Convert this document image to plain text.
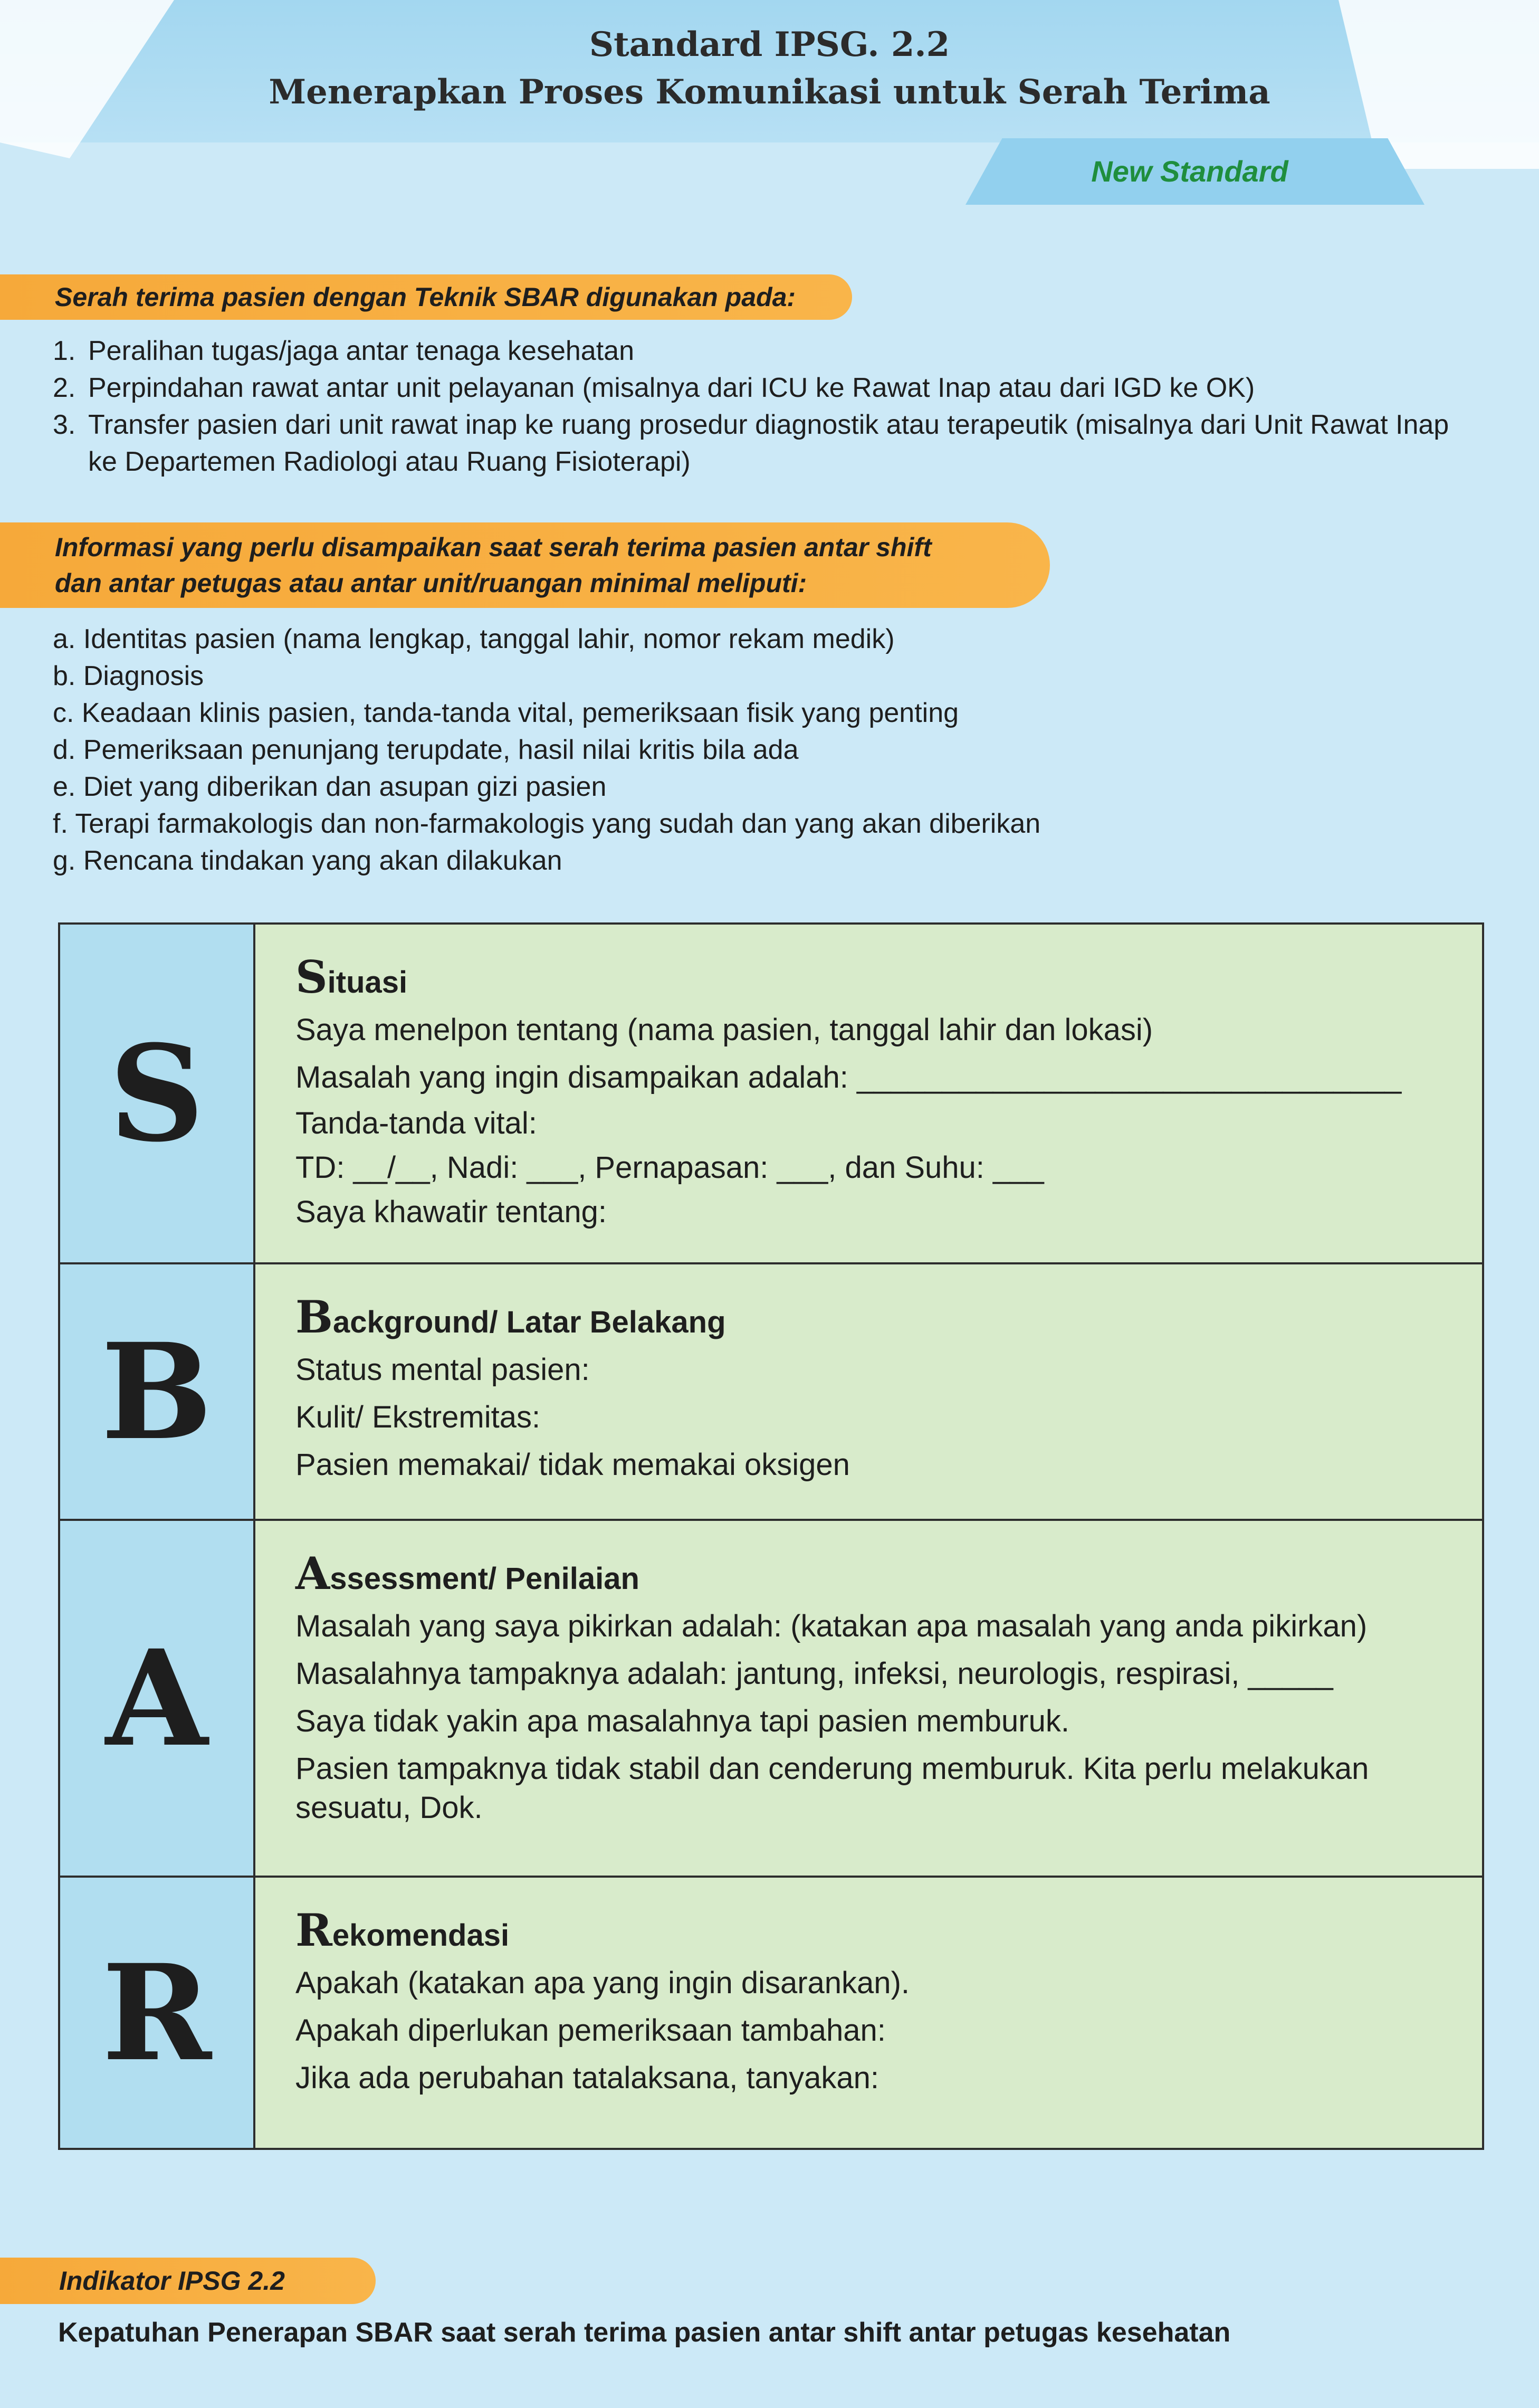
Standard IPSG. 2.2
Menerapkan Proses Komunikasi untuk Serah Terima
New Standard
Serah terima pasien dengan Teknik SBAR digunakan pada:
1. Peralihan tugas/jaga antar tenaga kesehatan
2. Perpindahan rawat antar unit pelayanan (misalnya dari ICU ke Rawat Inap atau dari IGD ke OK)
3. Transfer pasien dari unit rawat inap ke ruang prosedur diagnostik atau terapeutik (misalnya dari Unit Rawat Inap ke Departemen Radiologi atau Ruang Fisioterapi)
Informasi yang perlu disampaikan saat serah terima pasien antar shift
dan antar petugas atau antar unit/ruangan minimal meliputi:
a. Identitas pasien (nama lengkap, tanggal lahir, nomor rekam medik)
b. Diagnosis
c. Keadaan klinis pasien, tanda-tanda vital, pemeriksaan fisik yang penting
d. Pemeriksaan penunjang terupdate, hasil nilai kritis bila ada
e. Diet yang diberikan dan asupan gizi pasien
f. Terapi farmakologis dan non-farmakologis yang sudah dan yang akan diberikan
g. Rencana tindakan yang akan dilakukan
S
Situasi
Saya menelpon tentang (nama pasien, tanggal lahir dan lokasi)
Masalah yang ingin disampaikan adalah: ________________________________
Tanda-tanda vital:
TD: __/__, Nadi: ___, Pernapasan: ___, dan Suhu: ___
Saya khawatir tentang:
B	Background/ Latar Belakang
Status mental pasien:
Kulit/ Ekstremitas:
Pasien memakai/ tidak memakai oksigen
A
Assessment/ Penilaian
Masalah yang saya pikirkan adalah: (katakan apa masalah yang anda pikirkan)
Masalahnya tampaknya adalah: jantung, infeksi, neurologis, respirasi, _____
Saya tidak yakin apa masalahnya tapi pasien memburuk.
Pasien tampaknya tidak stabil dan cenderung memburuk. Kita perlu melakukan sesuatu, Dok.
R
Rekomendasi
Apakah (katakan apa yang ingin disarankan).
Apakah diperlukan pemeriksaan tambahan:
Jika ada perubahan tatalaksana, tanyakan:
Indikator IPSG 2.2
Kepatuhan Penerapan SBAR saat serah terima pasien antar shift antar petugas kesehatan
